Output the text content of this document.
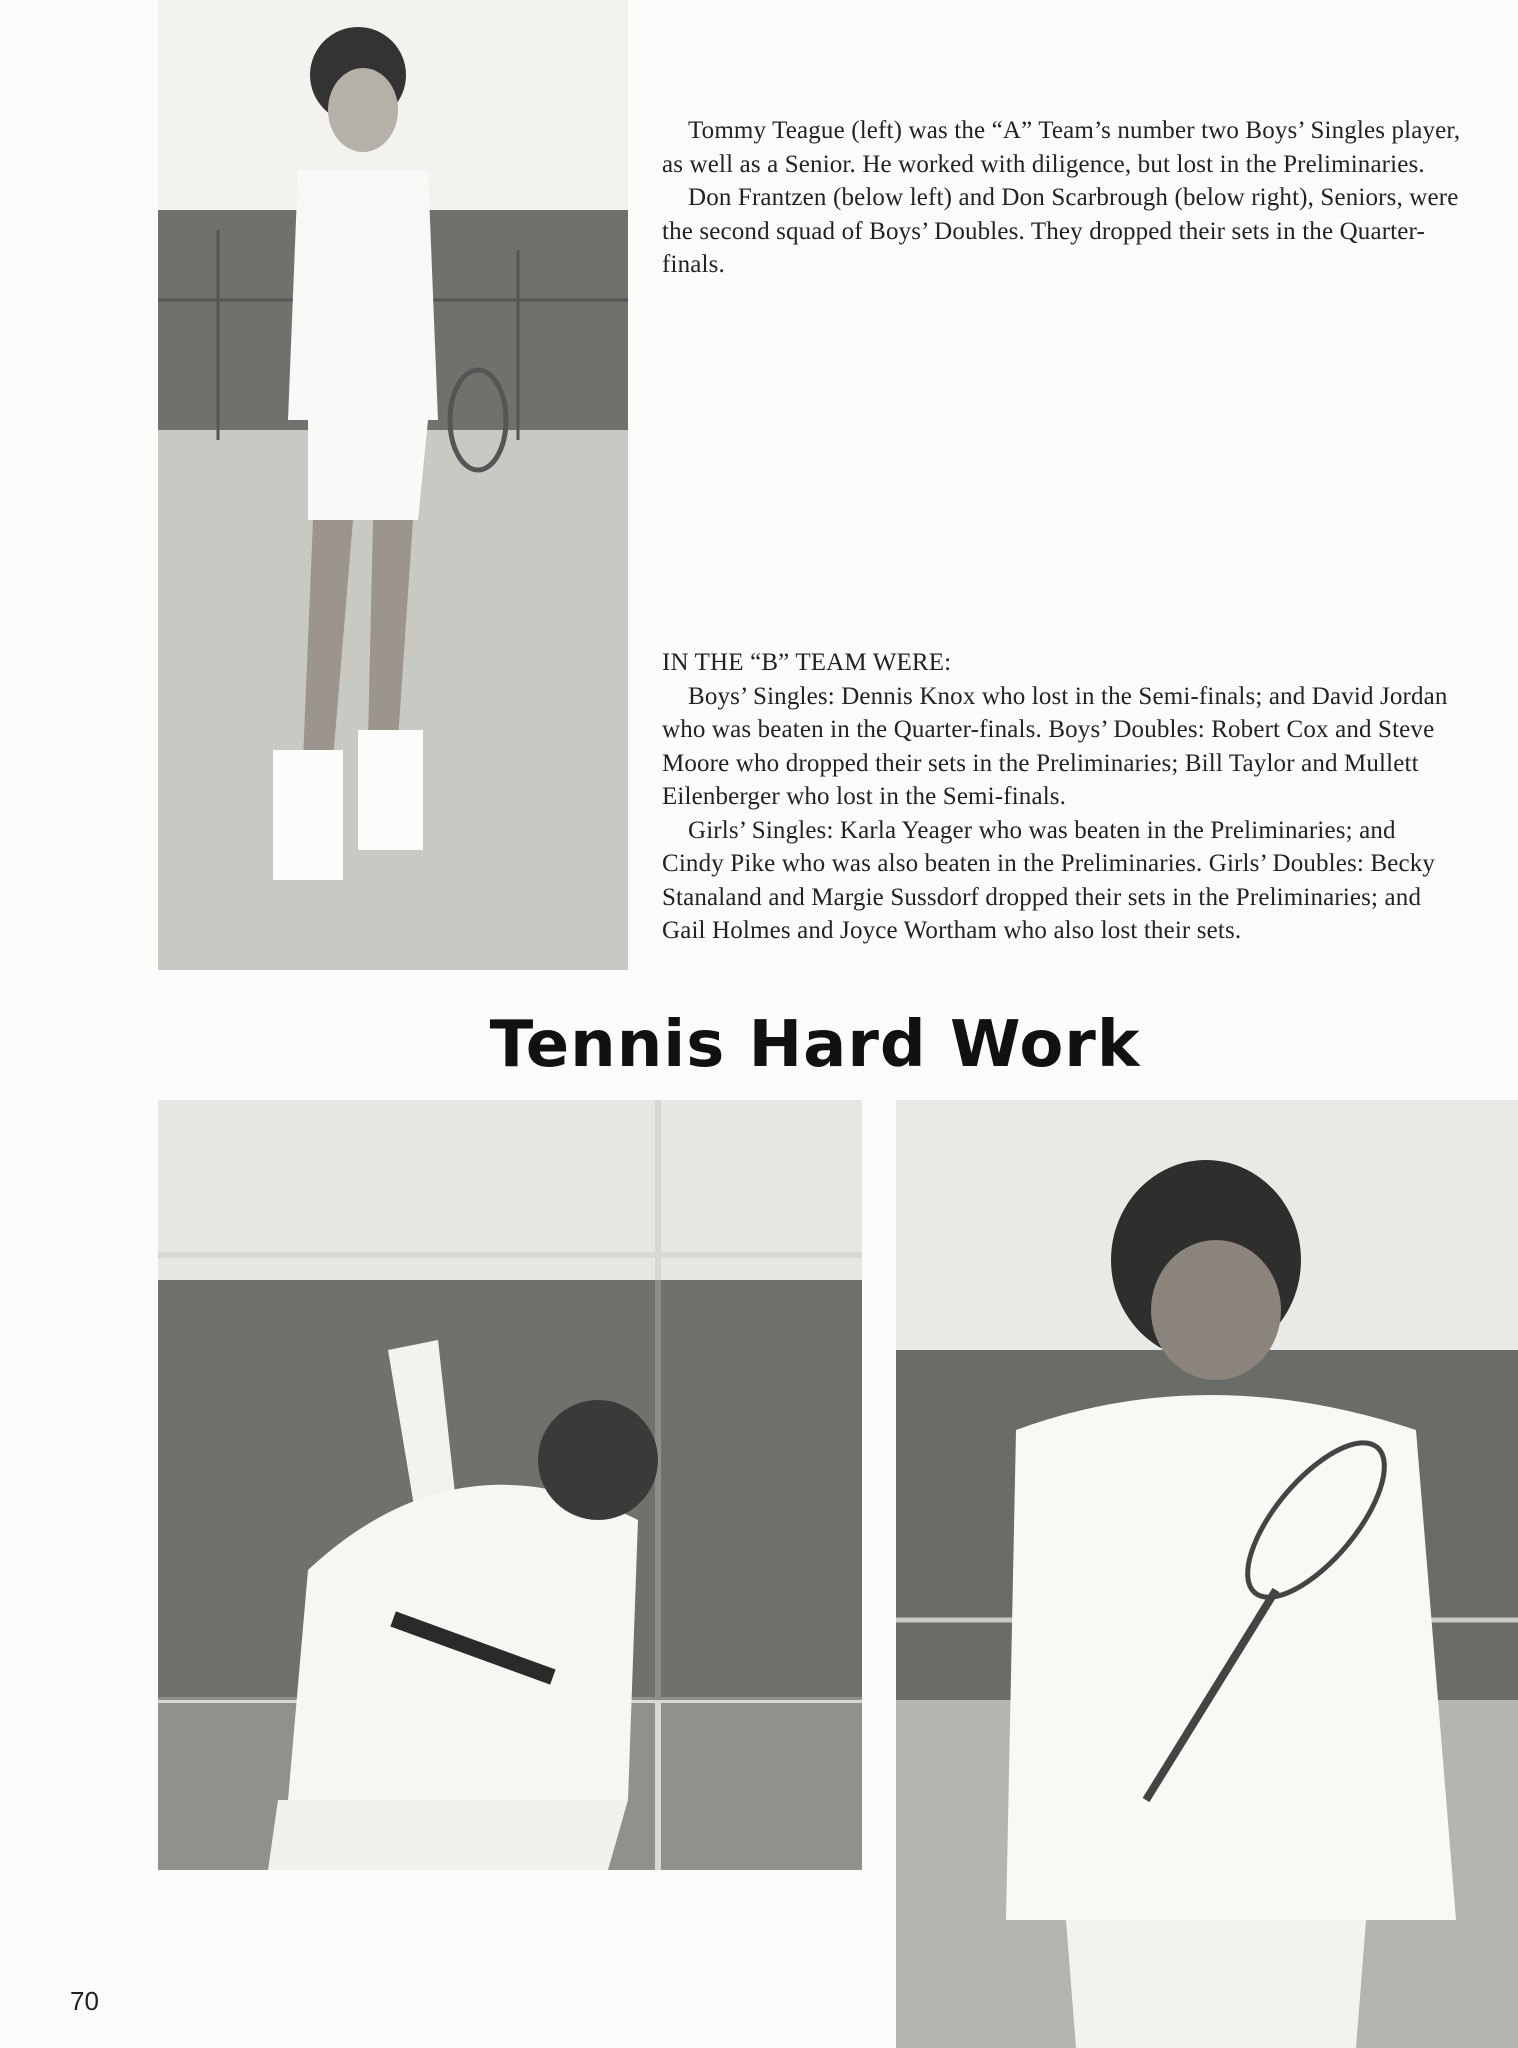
Tommy Teague (left) was the “A” Team’s number two Boys’ Singles player, as well as a Senior. He worked with diligence, but lost in the Preliminaries.

Don Frantzen (below left) and Don Scarbrough (below right), Seniors, were the second squad of Boys’ Doubles. They dropped their sets in the Quarter-finals.

IN THE “B” TEAM WERE:

Boys’ Singles: Dennis Knox who lost in the Semi-finals; and David Jordan who was beaten in the Quarter-finals. Boys’ Doubles: Robert Cox and Steve Moore who dropped their sets in the Preliminaries; Bill Taylor and Mullett Eilenberger who lost in the Semi-finals.

Girls’ Singles: Karla Yeager who was beaten in the Preliminaries; and Cindy Pike who was also beaten in the Preliminaries. Girls’ Doubles: Becky Stanaland and Margie Sussdorf dropped their sets in the Preliminaries; and Gail Holmes and Joyce Wortham who also lost their sets.

Tennis Hard Work

70
